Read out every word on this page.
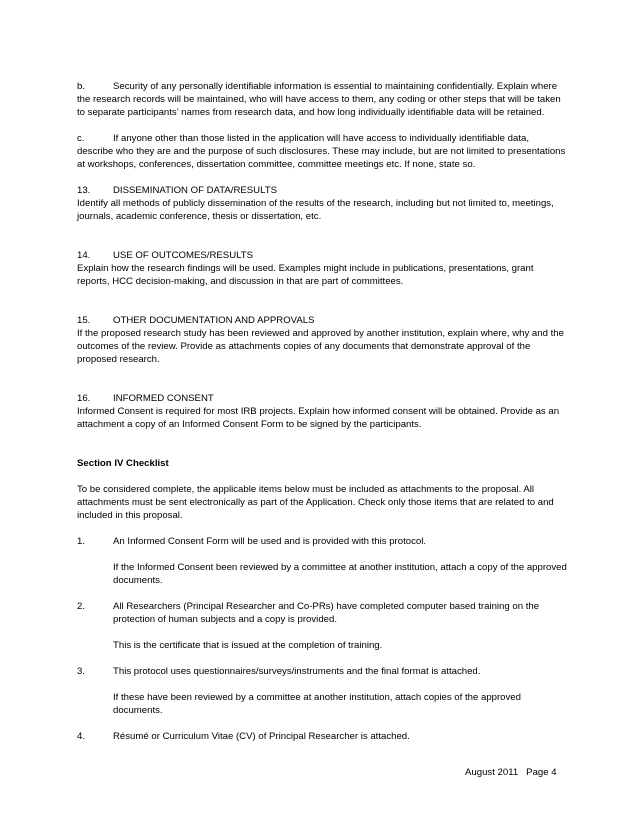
b.	Security of any personally identifiable information is essential to maintaining confidentially. Explain where the research records will be maintained, who will have access to them, any coding or other steps that will be taken to separate participants’ names from research data, and how long individually identifiable data will be retained.

c.	If anyone other than those listed in the application will have access to individually identifiable data, describe who they are and the purpose of such disclosures. These may include, but are not limited to presentations at workshops, conferences, dissertation committee, committee meetings etc. If none, state so.

13.	DISSEMINATION OF DATA/RESULTS

Identify all methods of publicly dissemination of the results of the research, including but not limited to, meetings, journals, academic conference, thesis or dissertation, etc.

14.	USE OF OUTCOMES/RESULTS

Explain how the research findings will be used. Examples might include in publications, presentations, grant reports, HCC decision-making, and discussion in that are part of committees.

15.	OTHER DOCUMENTATION AND APPROVALS

If the proposed research study has been reviewed and approved by another institution, explain where, why and the outcomes of the review. Provide as attachments copies of any documents that demonstrate approval of the proposed research.

16.	INFORMED CONSENT

Informed Consent is required for most IRB projects. Explain how informed consent will be obtained. Provide as an attachment a copy of an Informed Consent Form to be signed by the participants.

Section IV Checklist

To be considered complete, the applicable items below must be included as attachments to the proposal. All attachments must be sent electronically as part of the Application. Check only those items that are related to and included in this proposal.

1.	An Informed Consent Form will be used and is provided with this protocol.

If the Informed Consent been reviewed by a committee at another institution, attach a copy of the approved documents.

2.	All Researchers (Principal Researcher and Co-PRs) have completed computer based training on the protection of human subjects and a copy is provided.

This is the certificate that is issued at the completion of training.

3.	This protocol uses questionnaires/surveys/instruments and the final format is attached.

If these have been reviewed by a committee at another institution, attach copies of the approved documents.

4.	Résumé or Curriculum Vitae (CV) of Principal Researcher is attached.
August 2011 Page 4
